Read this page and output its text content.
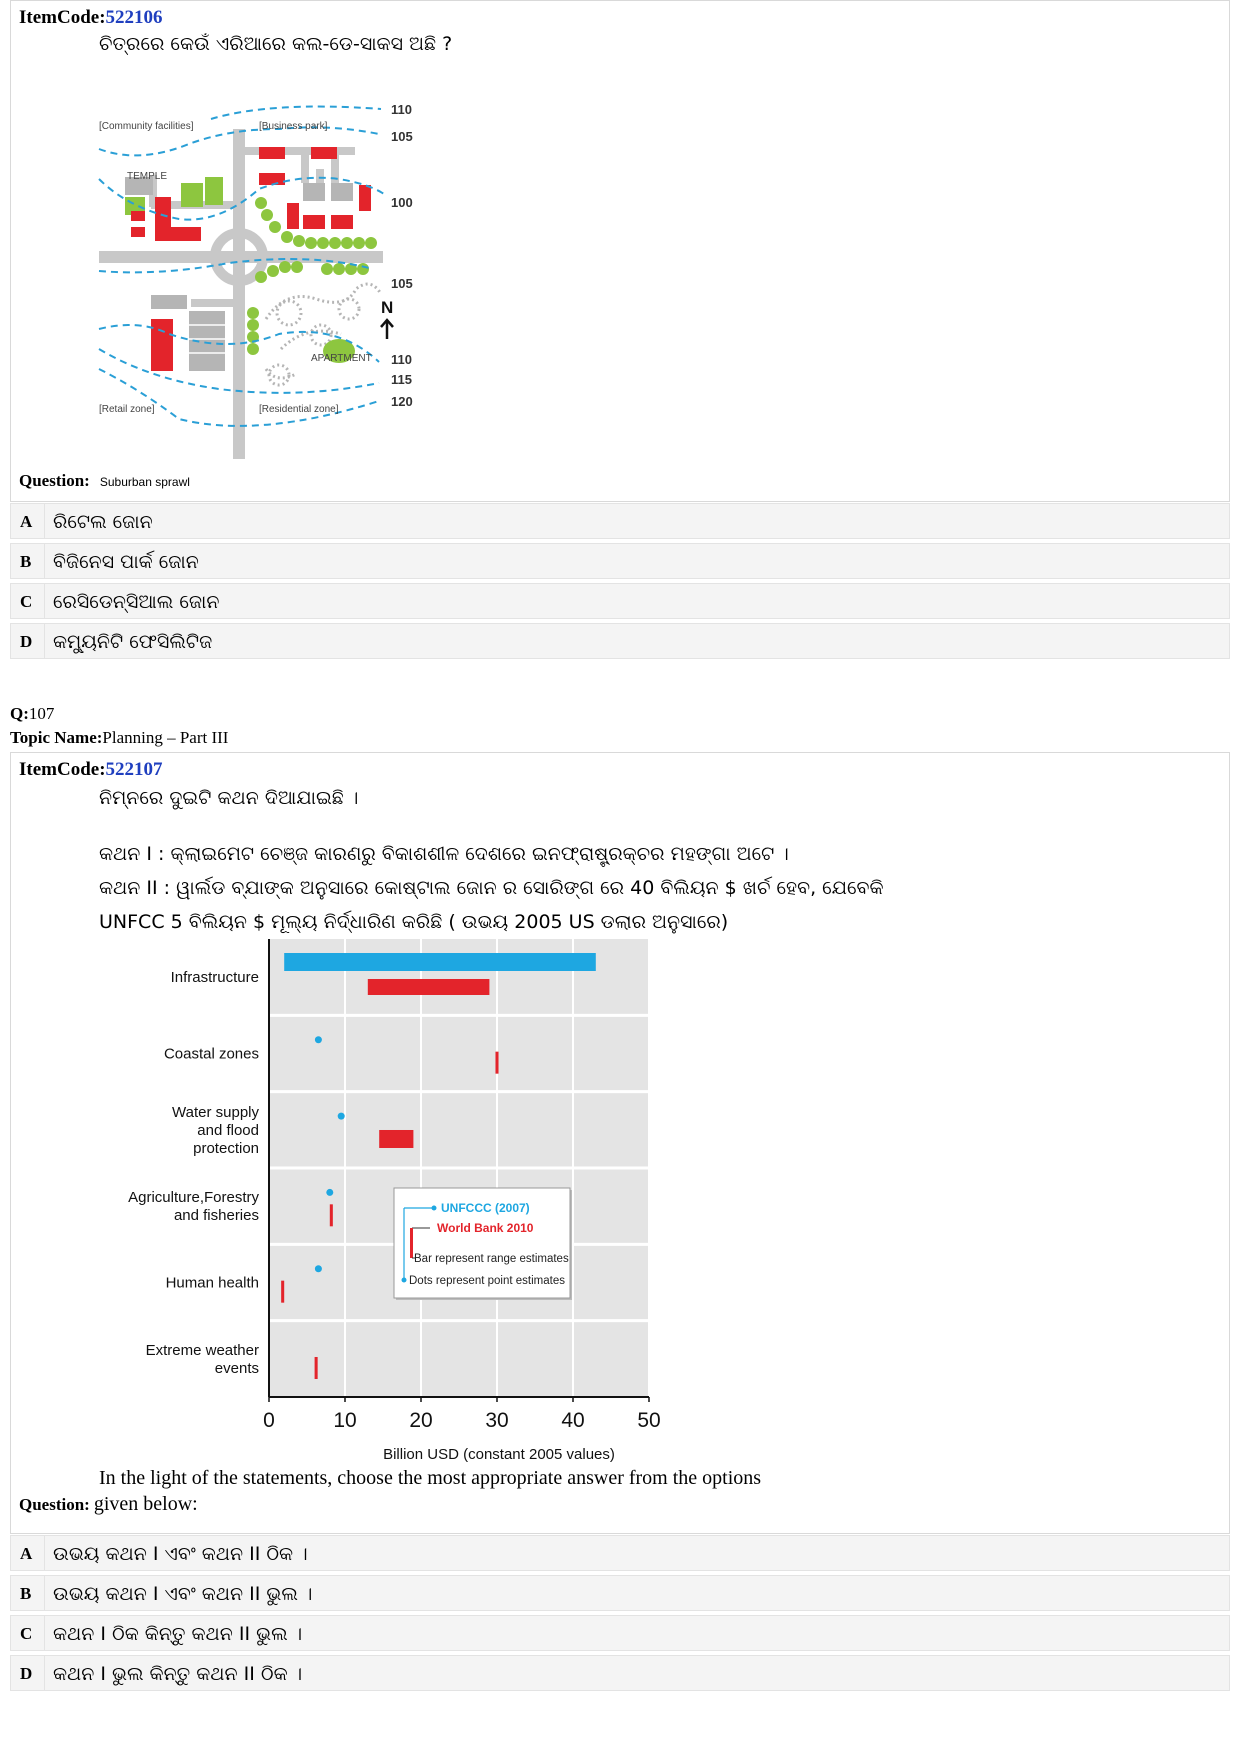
ItemCode:522106
ଚିତ୍ରରେ କେଉଁ ଏରିଆରେ କଲ-ଡେ-ସାକସ ଅଛି ?
110
105
100
105
110
115
120
[Community facilities]	[Business park]
TEMPLE
APARTMENT
[Retail zone]	[Residential zone]
N
Question: Suburban sprawl
A ରିଟେଲ ଜୋନ
B ବିଜିନେସ ପାର୍କ ଜୋନ
C ରେସିଡେନ୍ସିଆଲ ଜୋନ
D କମ୍ୟୁନିଟି ଫେସିଲିଟିଜ
Q:107
Topic Name:Planning – Part III
ItemCode:522107
ନିମ୍ନରେ ଦୁଇଟି କଥନ ଦିଆଯାଇଛି ।
କଥନ I : କ୍ଲାଇମେଟ ଚେଞ୍ଜ କାରଣରୁ ବିକାଶଶୀଳ ଦେଶରେ ଇନଫ୍ରାଷ୍ଟ୍ରକ୍ଚର ମହଙ୍ଗା ଅଟେ ।
କଥନ II : ୱାର୍ଲଡ ବ୍ଯାଙ୍କ ଅନୁସାରେ କୋଷ୍ଟାଲ ଜୋନ ର ସୋରିଙ୍ଗ ରେ 40 ବିଲିୟନ $ ଖର୍ଚ ହେବ, ଯେବେକି
UNFCC 5 ବିଲିୟନ $ ମୂଲ୍ୟ ନିର୍ଦ୍ଧାରିଣ କରିଛି ( ଉଭୟ 2005 US ଡଲାର ଅନୁସାରେ)
0	10	20	30	40	50
Billion USD (constant 2005 values)
Infrastructure
Coastal zones
Water supply
and flood
protection
Agriculture,Forestry
and fisheries
Human health
Extreme weather
events
UNFCCC (2007)
World Bank 2010
Bar represent range estimates
Dots represent point estimates
In the light of the statements, choose the most appropriate answer from the options
Question: given below:
A ଉଭୟ କଥନ I ଏବଂ କଥନ II ଠିକ ।
B ଉଭୟ କଥନ I ଏବଂ କଥନ II ଭୁଲ ।
C କଥନ I ଠିକ କିନ୍ତୁ କଥନ II ଭୁଲ ।
D କଥନ I ଭୁଲ କିନ୍ତୁ କଥନ II ଠିକ ।
